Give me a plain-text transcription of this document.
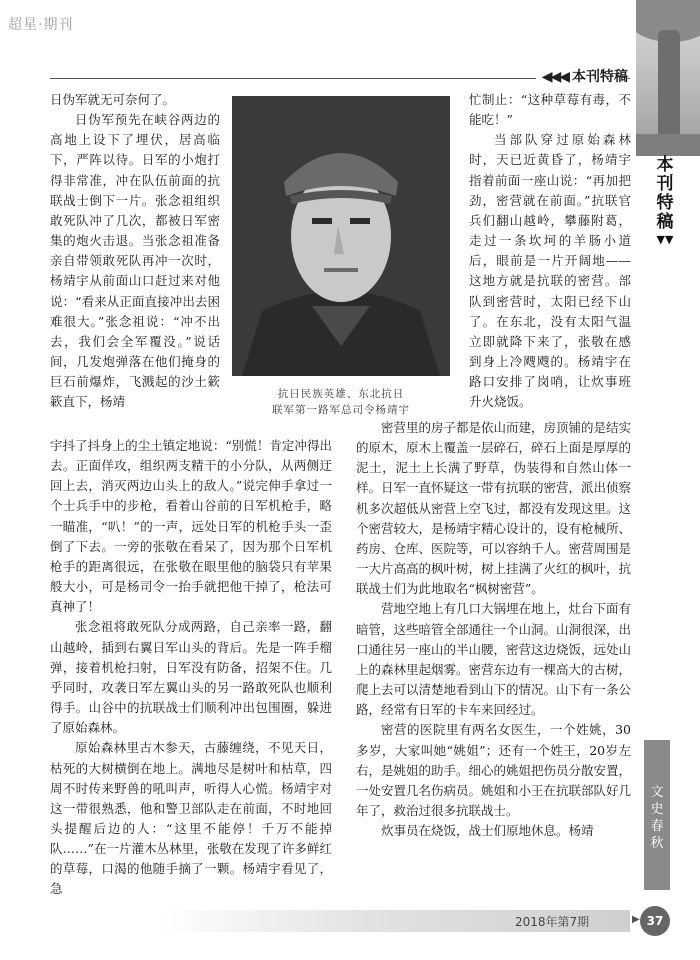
超星·期刊
◀◀◀ 本刊特稿
本
刊
特
稿
▼▼
抗日民族英雄、东北抗日
联军第一路军总司令杨靖宇

日伪军就无可奈何了。

日伪军预先在峡谷两边的高地上设下了埋伏，居高临下，严阵以待。日军的小炮打得非常准，冲在队伍前面的抗联战士倒下一片。张念祖组织敢死队冲了几次，都被日军密集的炮火击退。当张念祖准备亲自带领敢死队再冲一次时，杨靖宇从前面山口赶过来对他说：“看来从正面直接冲出去困难很大。”张念祖说：“冲不出去，我们会全军覆没。”说话间，几发炮弹落在他们掩身的巨石前爆炸，飞溅起的沙土簌簌直下，杨靖

宇抖了抖身上的尘土镇定地说：“别慌！肯定冲得出去。正面佯攻，组织两支精干的小分队，从两侧迂回上去，消灭两边山头上的敌人。”说完伸手拿过一个士兵手中的步枪，看着山谷前的日军机枪手，略一瞄准，“叭！”的一声，远处日军的机枪手头一歪倒了下去。一旁的张敬在看呆了，因为那个日军机枪手的距离很远，在张敬在眼里他的脑袋只有苹果般大小，可是杨司令一抬手就把他干掉了，枪法可真神了！

张念祖将敢死队分成两路，自己亲率一路，翻山越岭，插到右翼日军山头的背后。先是一阵手榴弹，接着机枪扫射，日军没有防备，招架不住。几乎同时，攻袭日军左翼山头的另一路敢死队也顺利得手。山谷中的抗联战士们顺利冲出包围圈，躲进了原始森林。

原始森林里古木参天，古藤缠绕，不见天日，枯死的大树横倒在地上。满地尽是树叶和枯草，四周不时传来野兽的吼叫声，听得人心慌。杨靖宇对这一带很熟悉，他和警卫部队走在前面，不时地回头提醒后边的人：“这里不能停！千万不能掉队……”在一片灌木丛林里，张敬在发现了许多鲜红的草莓，口渴的他随手摘了一颗。杨靖宇看见了，急

忙制止：“这种草莓有毒，不能吃！”

当部队穿过原始森林时，天已近黄昏了，杨靖宇指着前面一座山说：“再加把劲，密营就在前面。”抗联官兵们翻山越岭，攀藤附葛，走过一条坎坷的羊肠小道后，眼前是一片开阔地——这地方就是抗联的密营。部队到密营时，太阳已经下山了。在东北，没有太阳气温立即就降下来了，张敬在感到身上冷飕飕的。杨靖宇在路口安排了岗哨，让炊事班升火烧饭。

密营里的房子都是依山而建，房顶铺的是结实的原木，原木上覆盖一层碎石，碎石上面是厚厚的泥土，泥土上长满了野草，伪装得和自然山体一样。日军一直怀疑这一带有抗联的密营，派出侦察机多次超低从密营上空飞过，都没有发现这里。这个密营较大，是杨靖宇精心设计的，设有枪械所、药房、仓库、医院等，可以容纳千人。密营周围是一大片高高的枫叶树，树上挂满了火红的枫叶，抗联战士们为此地取名“枫树密营”。

营地空地上有几口大锅埋在地上，灶台下面有暗管，这些暗管全部通往一个山洞。山洞很深，出口通往另一座山的半山腰，密营这边烧饭，远处山上的森林里起烟雾。密营东边有一棵高大的古树，爬上去可以清楚地看到山下的情况。山下有一条公路，经常有日军的卡车来回经过。

密营的医院里有两名女医生，一个姓姚，30多岁，大家叫她“姚姐”；还有一个姓王，20岁左右，是姚姐的助手。细心的姚姐把伤员分散安置，一处安置几名伤病员。姚姐和小王在抗联部队好几年了，救治过很多抗联战士。

炊事员在烧饭，战士们原地休息。杨靖

文
史
春
秋
2018年第7期	▶ 37
